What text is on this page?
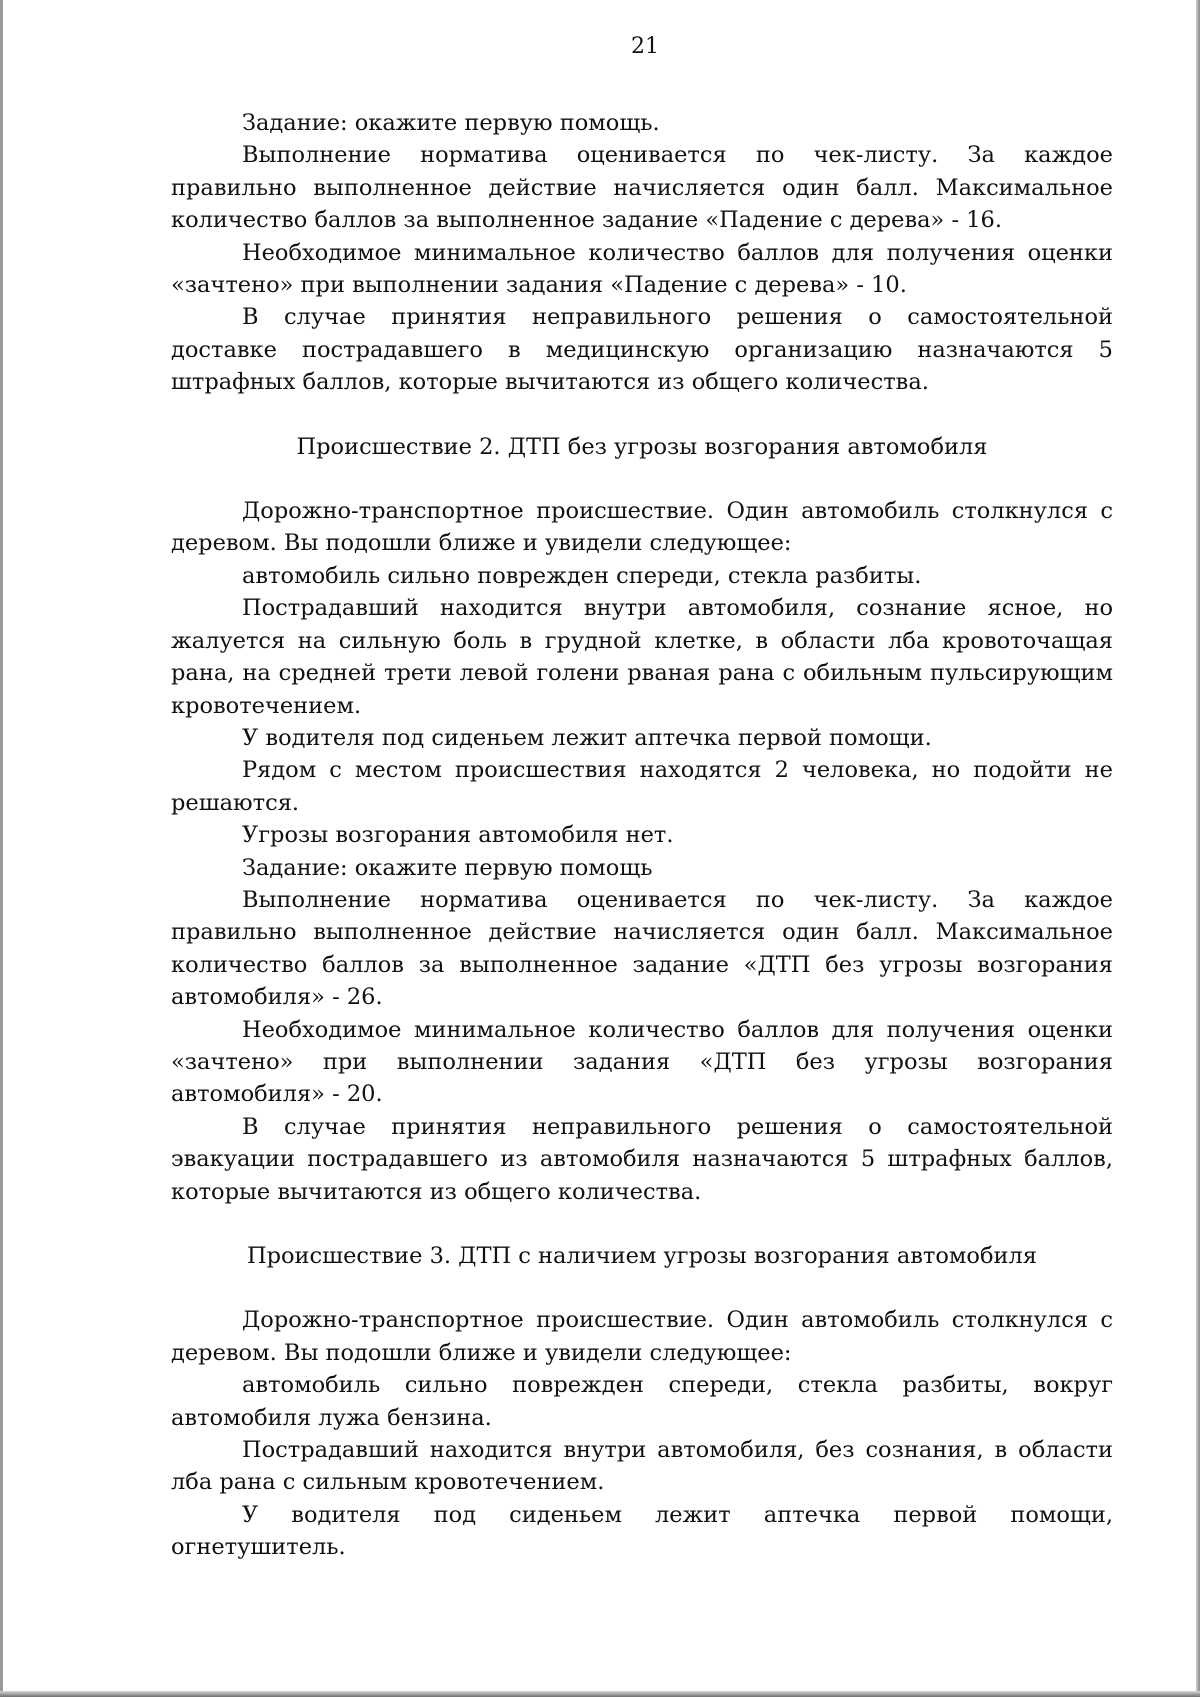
21

Задание: окажите первую помощь.

Выполнение норматива оценивается по чек-листу. За каждое правильно выполненное действие начисляется один балл. Максимальное количество баллов за выполненное задание «Падение с дерева» - 16.

Необходимое минимальное количество баллов для получения оценки «зачтено» при выполнении задания «Падение с дерева» - 10.

В случае принятия неправильного решения о самостоятельной доставке пострадавшего в медицинскую организацию назначаются 5 штрафных баллов, которые вычитаются из общего количества.

Происшествие 2. ДТП без угрозы возгорания автомобиля

Дорожно-транспортное происшествие. Один автомобиль столкнулся с деревом. Вы подошли ближе и увидели следующее:

автомобиль сильно поврежден спереди, стекла разбиты.

Пострадавший находится внутри автомобиля, сознание ясное, но жалуется на сильную боль в грудной клетке, в области лба кровоточащая рана, на средней трети левой голени рваная рана с обильным пульсирующим кровотечением.

У водителя под сиденьем лежит аптечка первой помощи.

Рядом с местом происшествия находятся 2 человека, но подойти не решаются.

Угрозы возгорания автомобиля нет.

Задание: окажите первую помощь

Выполнение норматива оценивается по чек-листу. За каждое правильно выполненное действие начисляется один балл. Максимальное количество баллов за выполненное задание «ДТП без угрозы возгорания автомобиля» - 26.

Необходимое минимальное количество баллов для получения оценки «зачтено» при выполнении задания «ДТП без угрозы возгорания автомобиля» - 20.

В случае принятия неправильного решения о самостоятельной эвакуации пострадавшего из автомобиля назначаются 5 штрафных баллов, которые вычитаются из общего количества.

Происшествие 3. ДТП с наличием угрозы возгорания автомобиля

Дорожно-транспортное происшествие. Один автомобиль столкнулся с деревом. Вы подошли ближе и увидели следующее:

автомобиль сильно поврежден спереди, стекла разбиты, вокруг автомобиля лужа бензина.

Пострадавший находится внутри автомобиля, без сознания, в области лба рана с сильным кровотечением.

У водителя под сиденьем лежит аптечка первой помощи, огнетушитель.
